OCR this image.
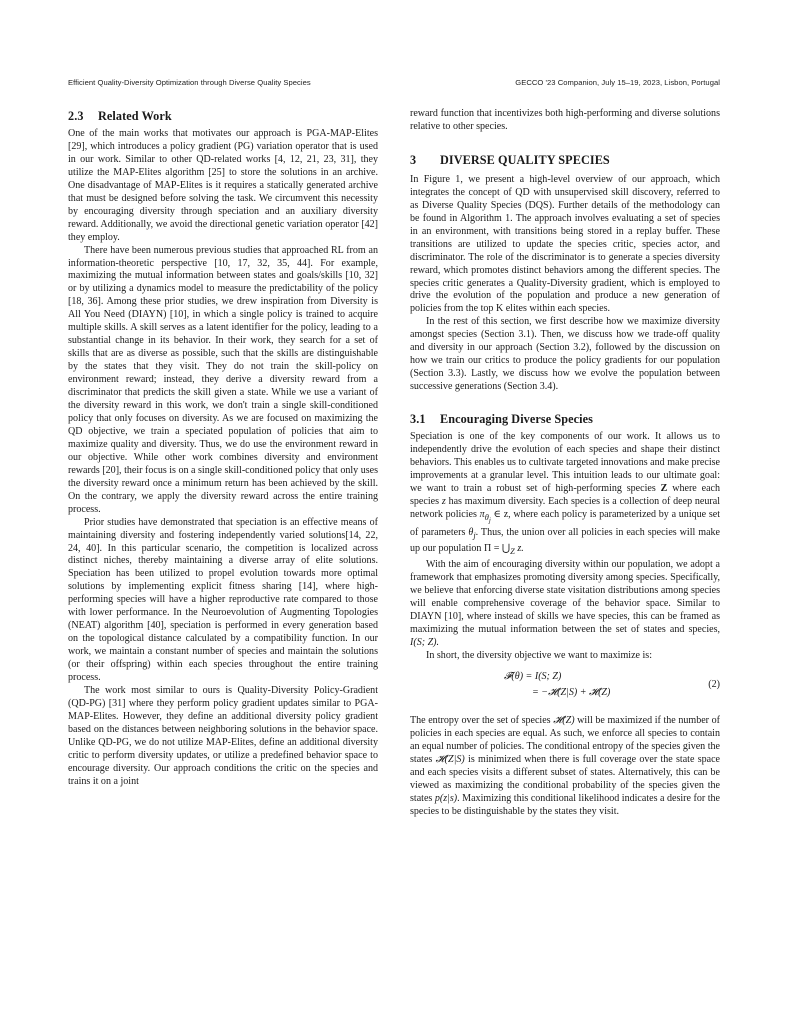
Efficient Quality-Diversity Optimization through Diverse Quality Species	GECCO '23 Companion, July 15–19, 2023, Lisbon, Portugal
2.3 Related Work

One of the main works that motivates our approach is PGA-MAP-Elites [29], which introduces a policy gradient (PG) variation operator that is used in our work. Similar to other QD-related works [4, 12, 21, 23, 31], they utilize the MAP-Elites algorithm [25] to store the solutions in an archive. One disadvantage of MAP-Elites is it requires a statically generated archive that must be designed before solving the task. We circumvent this necessity by encouraging diversity through speciation and an auxiliary diversity reward. Additionally, we avoid the directional genetic variation operator [42] they employ.

There have been numerous previous studies that approached RL from an information-theoretic perspective [10, 17, 32, 35, 44]. For example, maximizing the mutual information between states and goals/skills [10, 32] or by utilizing a dynamics model to measure the predictability of the policy [18, 36]. Among these prior studies, we drew inspiration from Diversity is All You Need (DIAYN) [10], in which a single policy is trained to acquire multiple skills. A skill serves as a latent identifier for the policy, leading to a substantial change in its behavior. In their work, they search for a set of skills that are as diverse as possible, such that the skills are distinguishable by the states that they visit. They do not train the skill-policy on environment reward; instead, they derive a diversity reward from a discriminator that predicts the skill given a state. While we use a variant of the diversity reward in this work, we don't train a single skill-conditioned policy that only focuses on diversity. As we are focused on maximizing the QD objective, we train a speciated population of policies that aim to maximize quality and diversity. Thus, we do use the environment reward in our objective. While other work combines diversity and environment rewards [20], their focus is on a single skill-conditioned policy that only uses the diversity reward once a minimum return has been achieved by the skill. On the contrary, we apply the diversity reward across the entire training process.

Prior studies have demonstrated that speciation is an effective means of maintaining diversity and fostering independently varied solutions[14, 22, 24, 40]. In this particular scenario, the competition is localized across distinct niches, thereby maintaining a diverse array of elite solutions. Speciation has been utilized to propel evolution towards more optimal solutions by implementing explicit fitness sharing [14], where high-performing species will have a higher reproductive rate compared to those with lower performance. In the Neuroevolution of Augmenting Topologies (NEAT) algorithm [40], speciation is performed in every generation based on the topological distance calculated by a compatibility function. In our work, we maintain a constant number of species and maintain the solutions (or their offspring) within each species throughout the entire training process.

The work most similar to ours is Quality-Diversity Policy-Gradient (QD-PG) [31] where they perform policy gradient updates similar to PGA-MAP-Elites. However, they define an additional diversity policy gradient based on the distances between neighboring solutions in the behavior space. Unlike QD-PG, we do not utilize MAP-Elites, define an additional diversity critic to perform diversity updates, or utilize a predefined behavior space to encourage diversity. Our approach conditions the critic on the species and trains it on a joint

reward function that incentivizes both high-performing and diverse solutions relative to other species.

3 DIVERSE QUALITY SPECIES

In Figure 1, we present a high-level overview of our approach, which integrates the concept of QD with unsupervised skill discovery, referred to as Diverse Quality Species (DQS). Further details of the methodology can be found in Algorithm 1. The approach involves evaluating a set of species in an environment, with transitions being stored in a replay buffer. These transitions are utilized to update the species critic, species actor, and discriminator. The role of the discriminator is to generate a species diversity reward, which promotes distinct behaviors among the different species. The species critic generates a Quality-Diversity gradient, which is employed to drive the evolution of the population and produce a new generation of policies from the top K elites within each species.

In the rest of this section, we first describe how we maximize diversity amongst species (Section 3.1). Then, we discuss how we trade-off quality and diversity in our approach (Section 3.2), followed by the discussion on how we train our critics to produce the policy gradients for our population (Section 3.3). Lastly, we discuss how we evolve the population between successive generations (Section 3.4).

3.1 Encouraging Diverse Species

Speciation is one of the key components of our work. It allows us to independently drive the evolution of each species and shape their distinct behaviors. This enables us to cultivate targeted innovations and make precise improvements at a granular level. This intuition leads to our ultimate goal: we want to train a robust set of high-performing species Z where each species z has maximum diversity. Each species is a collection of deep neural network policies $\pi_{\theta_j}$ ∈ z, where each policy is parameterized by a unique set of parameters $\theta_j$. Thus, the union over all policies in each species will make up our population $\Pi = ⋃_Z$ z.

With the aim of encouraging diversity within our population, we adopt a framework that emphasizes promoting diversity among species. Specifically, we believe that enforcing diverse state visitation distributions among species will enable comprehensive coverage of the behavior space. Similar to DIAYN [10], where instead of skills we have species, this can be framed as maximizing the mutual information between the set of states and species, I(S; Z).

In short, the diversity objective we want to maximize is:

𝓕(θ) = I(S; Z)
= −𝓗(Z|S) + 𝓗(Z)
(2)

The entropy over the set of species 𝓗(Z) will be maximized if the number of policies in each species are equal. As such, we enforce all species to contain an equal number of policies. The conditional entropy of the species given the states 𝓗(Z|S) is minimized when there is full coverage over the state space and each species visits a different subset of states. Alternatively, this can be viewed as maximizing the conditional probability of the species given the states p(z|s). Maximizing this conditional likelihood indicates a desire for the species to be distinguishable by the states they visit.
